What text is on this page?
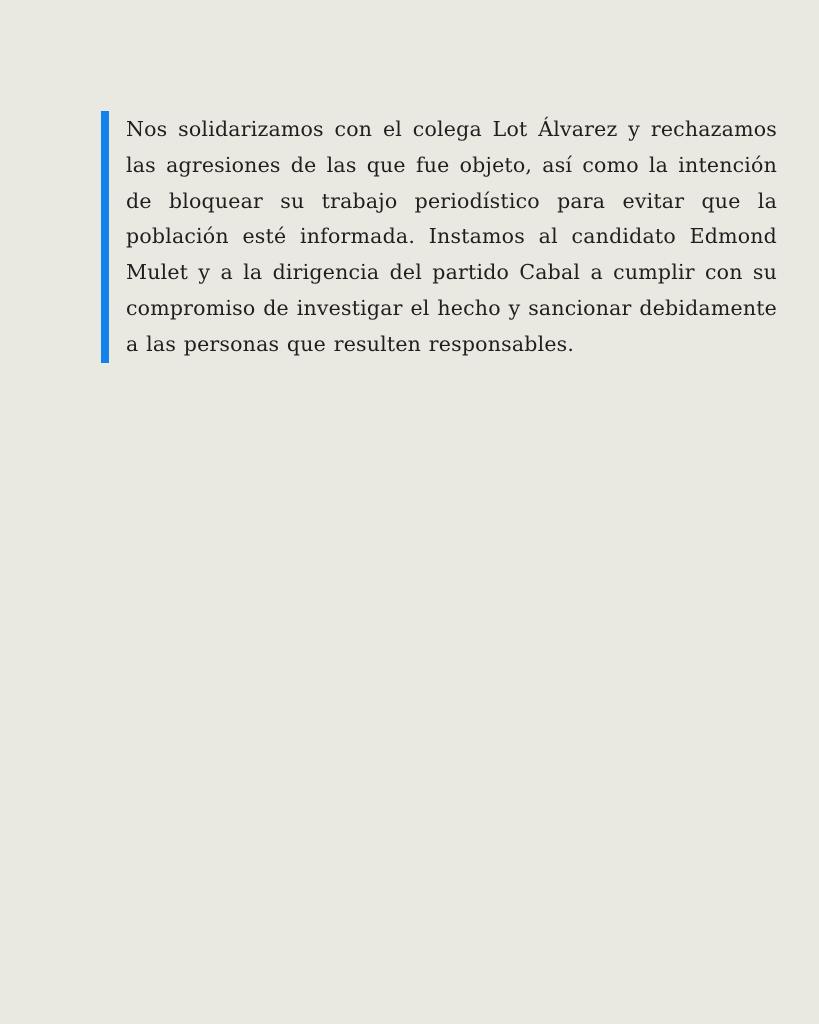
Nos solidarizamos con el colega Lot Álvarez y rechazamos las agresiones de las que fue objeto, así como la intención de bloquear su trabajo periodístico para evitar que la población esté informada. Instamos al candidato Edmond Mulet y a la dirigencia del partido Cabal a cumplir con su compromiso de investigar el hecho y sancionar debidamente a las personas que resulten responsables.
